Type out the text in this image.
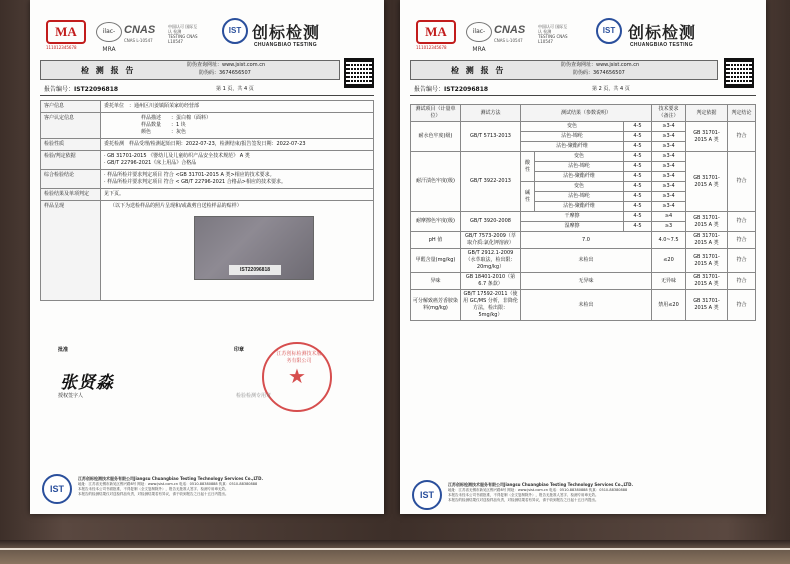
MA
111012345678
ilac-MRA
CNAS
CNAS L-10547
中国认可 国际互认 检测 TESTING CNAS L10547
IST 创标检测
CHUANGBIAO TESTING
检 测 报 告
防伪查询网址：www.jsist.com.cn
防伪码：3674656507
报告编号：IST22096818	第 1 页，共 4 页
客户信息	委托单位　 ：通州区川姜镇陌茉家纺经营部
客户认定信息	样品描述　　：蛋白棉（面料）
样品数量　　：1 块
颜色　　　　：灰色

检验性质	委托检测　 样品受理/检测起始日期：2022-07-23，检测结束/报告签发日期：2022-07-23
检验/判定依据	· GB 31701-2015 《婴幼儿及儿童纺织产品安全技术规范》 A 类
· GB/T 22796-2021《床上用品》合格品

综合检验结论	· 样品所检并要求判定项目 符合 <GB 31701-2015 A 类>相应的技术要求。
· 样品所检并要求判定项目 符合 < GB/T 22796-2021 合格品>相应的技术要求。

检验结果及单项判定	见下页。
样品呈现	（以下为送检样品的照片呈现和/或裁剪自送检样品的贴样）
IST22096818
批准
张贤淼
授权签字人
印章
江苏创标检测技术服务有限公司
★
检验检测专用章
IST
江苏创标检测技术服务有限公司Jiangsu Chuangbiao Testing Technology Services Co.,LTD.
地址：江苏省无锡市新吴区锡兴路8号 网址：www.jsist.com.cn 电话：0510-88380888 传真：0510-88380888
本报告未经本公司书面批准，不得复制（全文复制除外），报告无批准人签字、检测专用章无效。
本报告的检测结果仅对送检样品负责，对检测结果若有异议，请于收到报告之日起十五日内提出。
MA
111012345678
ilac-MRA
CNAS
CNAS L-10547
中国认可 国际互认 检测 TESTING CNAS L10547
IST 创标检测
CHUANGBIAO TESTING
检 测 报 告
防伪查询网址：www.jsist.com.cn
防伪码：3674656507
报告编号：IST22096818	第 2 页，共 4 页
测试项目（计量单位）	测试方法	测试结果（参数说明）			技术要求（备注）	判定依据	判定结论
耐水色牢度(级)	GB/T 5713-2013	变色		4-5	≥3-4	GB 31701-2015 A 类	符合
		沾色-锦纶		4-5	≥3-4		
		沾色-聚酯纤维		4-5	≥3-4		
耐汗渍色牢度(级)	GB/T 3922-2013	酸性	变色	4-5	≥3-4	GB 31701-2015 A 类	符合
			沾色-锦纶	4-5	≥3-4		
			沾色-聚酯纤维	4-5	≥3-4		
		碱性	变色	4-5	≥3-4		
			沾色-锦纶	4-5	≥3-4		
			沾色-聚酯纤维	4-5	≥3-4		
耐摩擦色牢度(级)	GB/T 3920-2008	干摩擦		4-5	≥4	GB 31701-2015 A 类	符合
		湿摩擦		4-5	≥3		
pH 值	GB/T 7573-2009（萃取介质:氯化钾溶液）	7.0			4.0~7.5	GB 31701-2015 A 类	符合
甲醛含量(mg/kg)	GB/T 2912.1-2009（水萃取法，检出限：20mg/kg）	未检出			≤20	GB 31701-2015 A 类	符合
异味	GB 18401-2010（第 6.7 条款）	无异味			无异味	GB 31701-2015 A 类	符合
可分解致癌芳香胺染料(mg/kg)	GB/T 17592-2011（使用 GC/MS 分析，非降伦方法，检出限：5mg/kg）	未检出			禁用≤20	GB 31701-2015 A 类	符合
IST
江苏创标检测技术服务有限公司Jiangsu Chuangbiao Testing Technology Services Co.,LTD.
地址：江苏省无锡市新吴区锡兴路8号 网址：www.jsist.com.cn 电话：0510-88380888 传真：0510-88380888
本报告未经本公司书面批准，不得复制（全文复制除外），报告无批准人签字、检测专用章无效。
本报告的检测结果仅对送检样品负责，对检测结果若有异议，请于收到报告之日起十五日内提出。
